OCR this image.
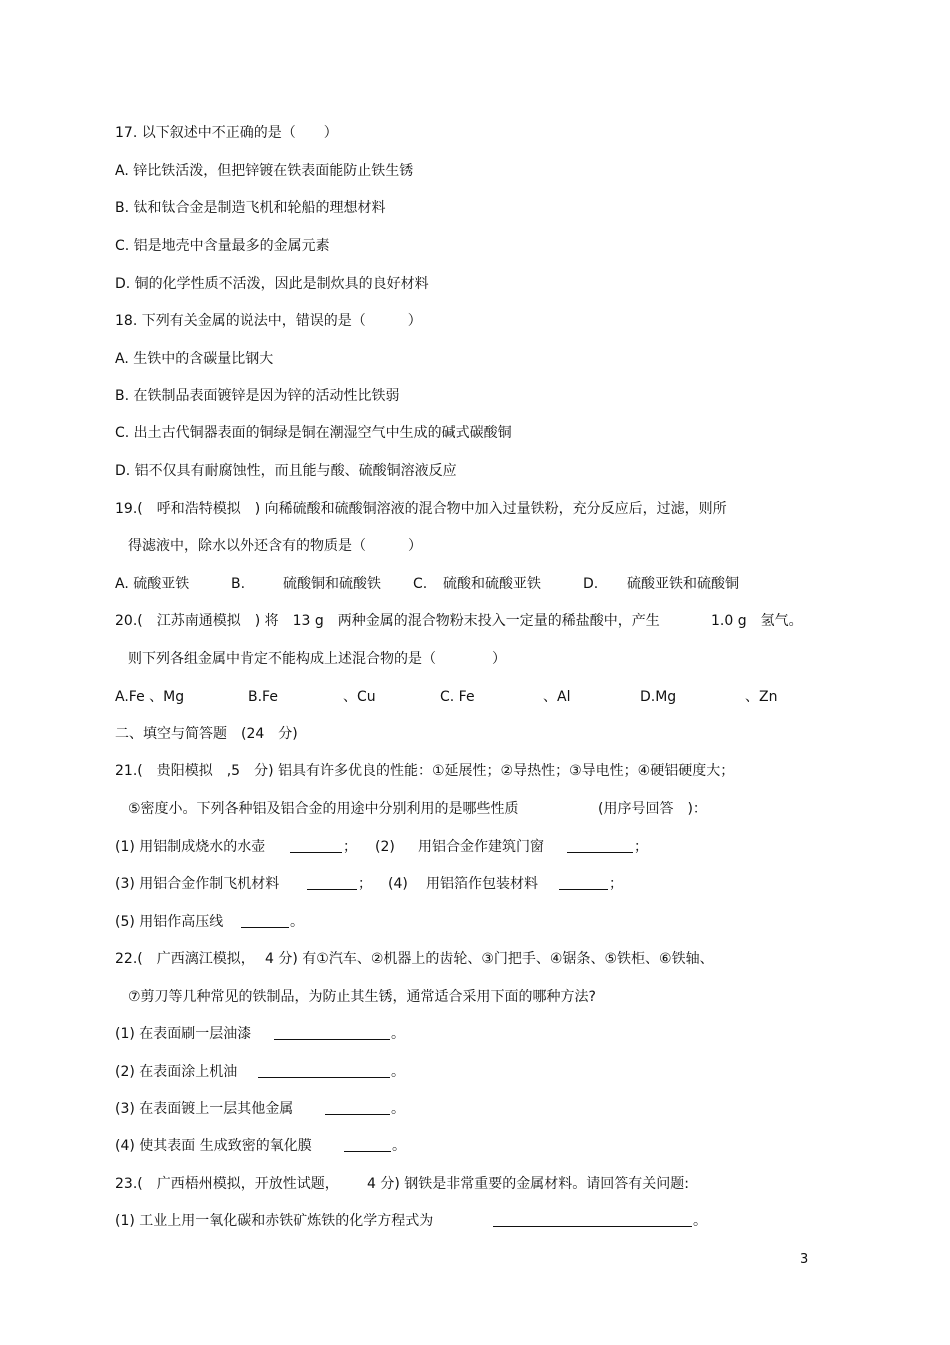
17. 以下叙述中不正确的是（　　）
A. 锌比铁活泼，但把锌镀在铁表面能防止铁生锈
B. 钛和钛合金是制造飞机和轮船的理想材料
C. 铝是地壳中含量最多的金属元素
D. 铜的化学性质不活泼，因此是制炊具的良好材料
18. 下列有关金属的说法中，错误的是（　　　）
A. 生铁中的含碳量比钢大
B. 在铁制品表面镀锌是因为锌的活动性比铁弱
C. 出土古代铜器表面的铜绿是铜在潮湿空气中生成的碱式碳酸铜
D. 铝不仅具有耐腐蚀性，而且能与酸、硫酸铜溶液反应
19.(　呼和浩特模拟　) 向稀硫酸和硫酸铜溶液的混合物中加入过量铁粉，充分反应后，过滤，则所
得滤液中，除水以外还含有的物质是（　　　）
A. 硫酸亚铁	B.	硫酸铜和硫酸铁 C. 硫酸和硫酸亚铁	D. 硫酸亚铁和硫酸铜
20.(　江苏南通模拟　) 将　13 g　两种金属的混合物粉末投入一定量的稀盐酸中，产生	1.0 g　氢气。
则下列各组金属中肯定不能构成上述混合物的是（　　　　）
A.Fe 、Mg	B.Fe	、Cu	C. Fe	、Al	D.Mg	、Zn
二、填空与简答题　(24　分)
21.(　贵阳模拟　,5　分) 铝具有许多优良的性能：①延展性；②导热性；③导电性；④硬铝硬度大；
⑤密度小。下列各种铝及铝合金的用途中分别利用的是哪些性质	(用序号回答　)：
(1) 用铝制成烧水的水壶	； (2) 用铝合金作建筑门窗	；
(3) 用铝合金作制飞机材料	； (4) 用铝箔作包装材料	；
(5) 用铝作高压线	。
22.(　广西漓江模拟， 4 分) 有①汽车、②机器上的齿轮、③门把手、④锯条、⑤铁柜、⑥铁轴、
⑦剪刀等几种常见的铁制品，为防止其生锈，通常适合采用下面的哪种方法?
(1) 在表面刷一层油漆	。
(2) 在表面涂上机油	。
(3) 在表面镀上一层其他金属	。
(4) 使其表面 生成致密的氧化膜	。
23.(　广西梧州模拟，开放性试题， 4 分) 钢铁是非常重要的金属材料。请回答有关问题:
(1) 工业上用一氧化碳和赤铁矿炼铁的化学方程式为	。
3
